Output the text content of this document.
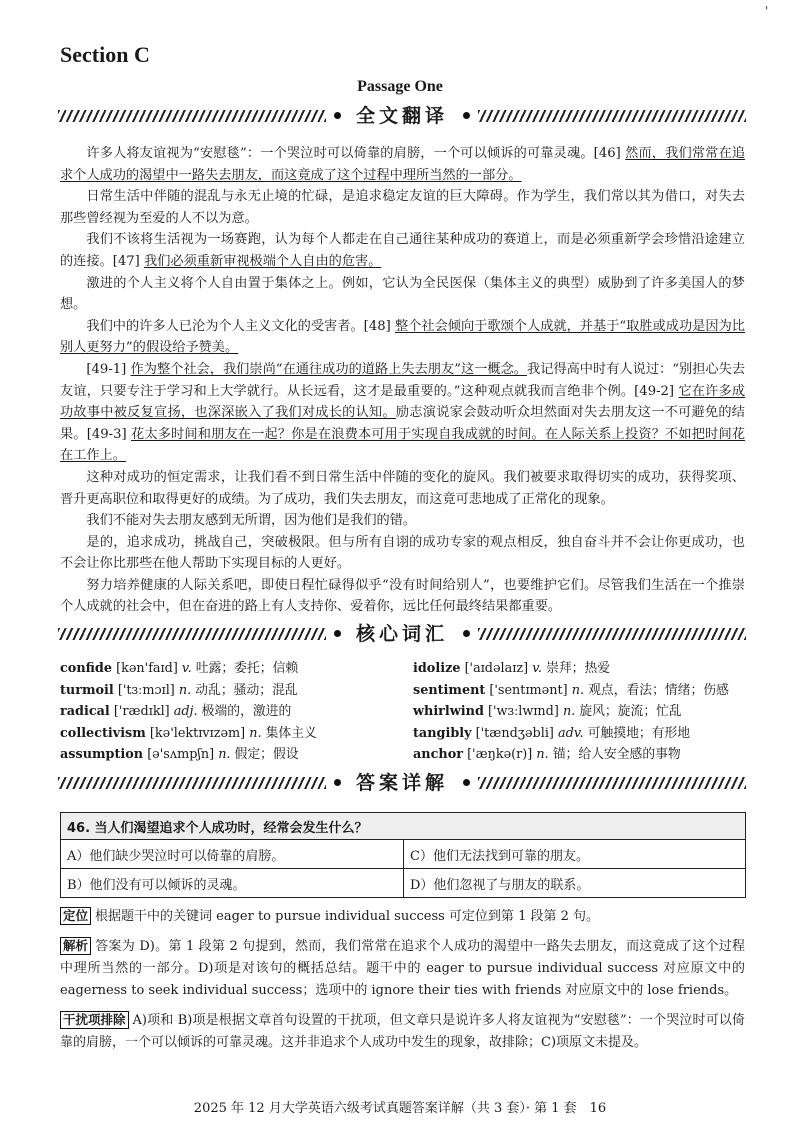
'
Section C
Passage One
全文翻译

许多人将友谊视为“安慰毯”：一个哭泣时可以倚靠的肩膀，一个可以倾诉的可靠灵魂。[46] 然而，我们常常在追求个人成功的渴望中一路失去朋友，而这竟成了这个过程中理所当然的一部分。

日常生活中伴随的混乱与永无止境的忙碌，是追求稳定友谊的巨大障碍。作为学生，我们常以其为借口，对失去那些曾经视为至爱的人不以为意。

我们不该将生活视为一场赛跑，认为每个人都走在自己通往某种成功的赛道上，而是必须重新学会珍惜沿途建立的连接。[47] 我们必须重新审视极端个人自由的危害。

激进的个人主义将个人自由置于集体之上。例如，它认为全民医保（集体主义的典型）威胁到了许多美国人的梦想。

我们中的许多人已沦为个人主义文化的受害者。[48] 整个社会倾向于歌颂个人成就，并基于“取胜或成功是因为比别人更努力”的假设给予赞美。

[49-1] 作为整个社会，我们崇尚“在通往成功的道路上失去朋友”这一概念。我记得高中时有人说过：“别担心失去友谊，只要专注于学习和上大学就行。从长远看，这才是最重要的。”这种观点就我而言绝非个例。[49-2] 它在许多成功故事中被反复宣扬，也深深嵌入了我们对成长的认知。励志演说家会鼓动听众坦然面对失去朋友这一不可避免的结果。[49-3] 花太多时间和朋友在一起？你是在浪费本可用于实现自我成就的时间。在人际关系上投资？不如把时间花在工作上。

这种对成功的恒定需求，让我们看不到日常生活中伴随的变化的旋风。我们被要求取得切实的成功，获得奖项、晋升更高职位和取得更好的成绩。为了成功，我们失去朋友，而这竟可悲地成了正常化的现象。

我们不能对失去朋友感到无所谓，因为他们是我们的错。

是的，追求成功，挑战自己，突破极限。但与所有自诩的成功专家的观点相反，独自奋斗并不会让你更成功，也不会让你比那些在他人帮助下实现目标的人更好。

努力培养健康的人际关系吧，即使日程忙碌得似乎“没有时间给别人”，也要维护它们。尽管我们生活在一个推崇个人成就的社会中，但在奋进的路上有人支持你、爱着你，远比任何最终结果都重要。

核心词汇
confide [kən'faɪd] v. 吐露；委托；信赖
turmoil ['tɜːmɔɪl] n. 动乱；骚动；混乱
radical ['rædɪkl] adj. 极端的，激进的
collectivism [kə'lektɪvɪzəm] n. 集体主义
assumption [ə'sʌmpʃn] n. 假定；假设
idolize ['aɪdəlaɪz] v. 崇拜；热爱
sentiment ['sentɪmənt] n. 观点，看法；情绪；伤感
whirlwind ['wɜːlwɪnd] n. 旋风；旋流；忙乱
tangibly ['tændʒəbli] adv. 可触摸地；有形地
anchor ['æŋkə(r)] n. 锚；给人安全感的事物
答案详解
46. 当人们渴望追求个人成功时，经常会发生什么？	
A）他们缺少哭泣时可以倚靠的肩膀。	C）他们无法找到可靠的朋友。
B）他们没有可以倾诉的灵魂。	D）他们忽视了与朋友的联系。

定位 根据题干中的关键词 eager to pursue individual success 可定位到第 1 段第 2 句。

解析 答案为 D)。第 1 段第 2 句提到，然而，我们常常在追求个人成功的渴望中一路失去朋友，而这竟成了这个过程中理所当然的一部分。D)项是对该句的概括总结。题干中的 eager to pursue individual success 对应原文中的 eagerness to seek individual success；选项中的 ignore their ties with friends 对应原文中的 lose friends。

干扰项排除 A)项和 B)项是根据文章首句设置的干扰项，但文章只是说许多人将友谊视为“安慰毯”：一个哭泣时可以倚靠的肩膀，一个可以倾诉的可靠灵魂。这并非追求个人成功中发生的现象，故排除；C)项原文未提及。

2025 年 12 月大学英语六级考试真题答案详解（共 3 套）· 第 1 套　16
